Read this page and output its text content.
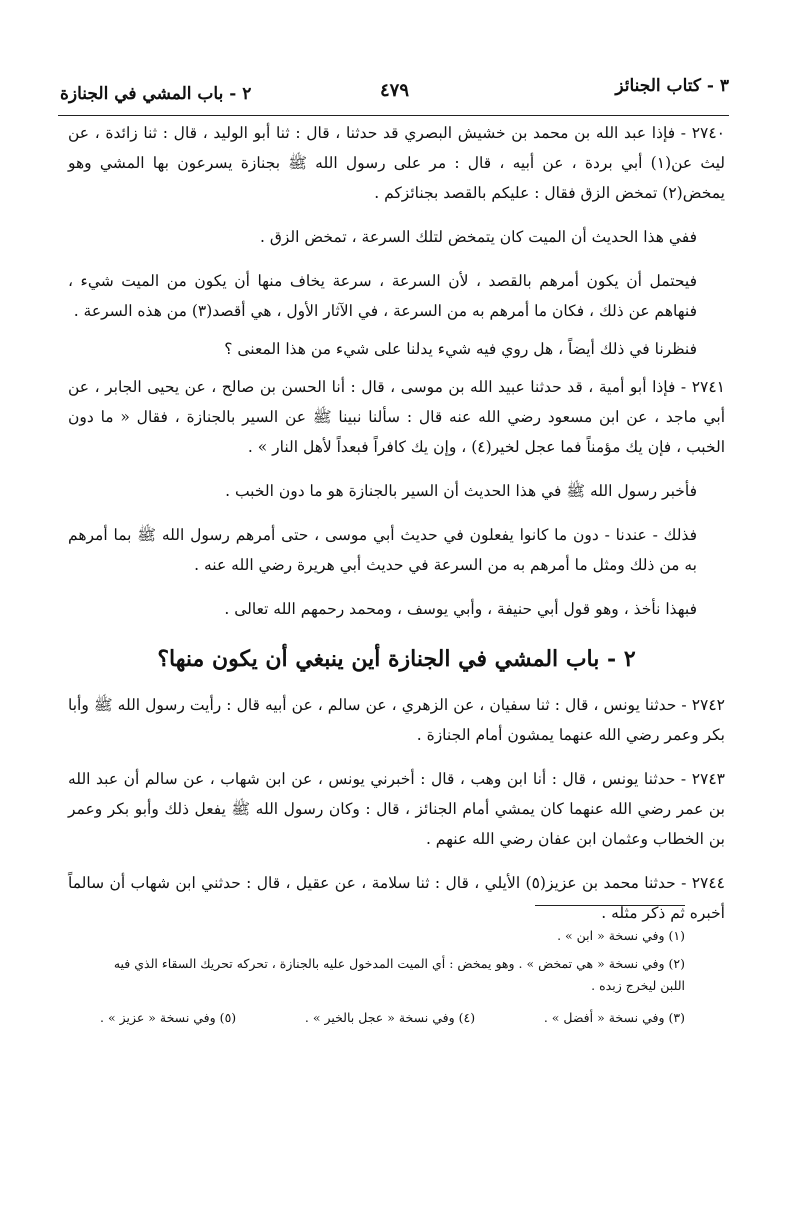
٣ - كتاب الجنائز
٤٧٩
٢ - باب المشي في الجنازة

٢٧٤٠ - فإذا عبد الله بن محمد بن خشيش البصري قد حدثنا ، قال : ثنا أبو الوليد ، قال : ثنا زائدة ، عن ليث عن(١) أبي بردة ، عن أبيه ، قال : مر على رسول الله ﷺ بجنازة يسرعون بها المشي وهو يمخض(٢) تمخض الزق فقال : عليكم بالقصد بجنائزكم .

ففي هذا الحديث أن الميت كان يتمخض لتلك السرعة ، تمخض الزق .

فيحتمل أن يكون أمرهم بالقصد ، لأن السرعة ، سرعة يخاف منها أن يكون من الميت شيء ، فنهاهم عن ذلك ، فكان ما أمرهم به من السرعة ، في الآثار الأول ، هي أقصد(٣) من هذه السرعة .

فنظرنا في ذلك أيضاً ، هل روي فيه شيء يدلنا على شيء من هذا المعنى ؟

٢٧٤١ - فإذا أبو أمية ، قد حدثنا عبيد الله بن موسى ، قال : أنا الحسن بن صالح ، عن يحيى الجابر ، عن أبي ماجد ، عن ابن مسعود رضي الله عنه قال : سألنا نبينا ﷺ عن السير بالجنازة ، فقال « ما دون الخبب ، فإن يك مؤمناً فما عجل لخير(٤) ، وإن يك كافراً فبعداً لأهل النار » .

فأخبر رسول الله ﷺ في هذا الحديث أن السير بالجنازة هو ما دون الخبب .

فذلك - عندنا - دون ما كانوا يفعلون في حديث أبي موسى ، حتى أمرهم رسول الله ﷺ بما أمرهم به من ذلك ومثل ما أمرهم به من السرعة في حديث أبي هريرة رضي الله عنه .

فبهذا نأخذ ، وهو قول أبي حنيفة ، وأبي يوسف ، ومحمد رحمهم الله تعالى .

٢ - باب المشي في الجنازة أين ينبغي أن يكون منها؟

٢٧٤٢ - حدثنا يونس ، قال : ثنا سفيان ، عن الزهري ، عن سالم ، عن أبيه قال : رأيت رسول الله ﷺ وأبا بكر وعمر رضي الله عنهما يمشون أمام الجنازة .

٢٧٤٣ - حدثنا يونس ، قال : أنا ابن وهب ، قال : أخبرني يونس ، عن ابن شهاب ، عن سالم أن عبد الله بن عمر رضي الله عنهما كان يمشي أمام الجنائز ، قال : وكان رسول الله ﷺ يفعل ذلك وأبو بكر وعمر بن الخطاب وعثمان ابن عفان رضي الله عنهم .

٢٧٤٤ - حدثنا محمد بن عزيز(٥) الأيلي ، قال : ثنا سلامة ، عن عقيل ، قال : حدثني ابن شهاب أن سالماً أخبره ثم ذكر مثله .

(١) وفي نسخة « ابن » .

(٢) وفي نسخة « هي تمخض » . وهو يمخض : أي الميت المدخول عليه بالجنازة ، تحركه تحريك السقاء الذي فيه اللبن ليخرج زبده .

(٣) وفي نسخة « أفضل » .
(٤) وفي نسخة « عجل بالخير » .
(٥) وفي نسخة « عزيز » .
